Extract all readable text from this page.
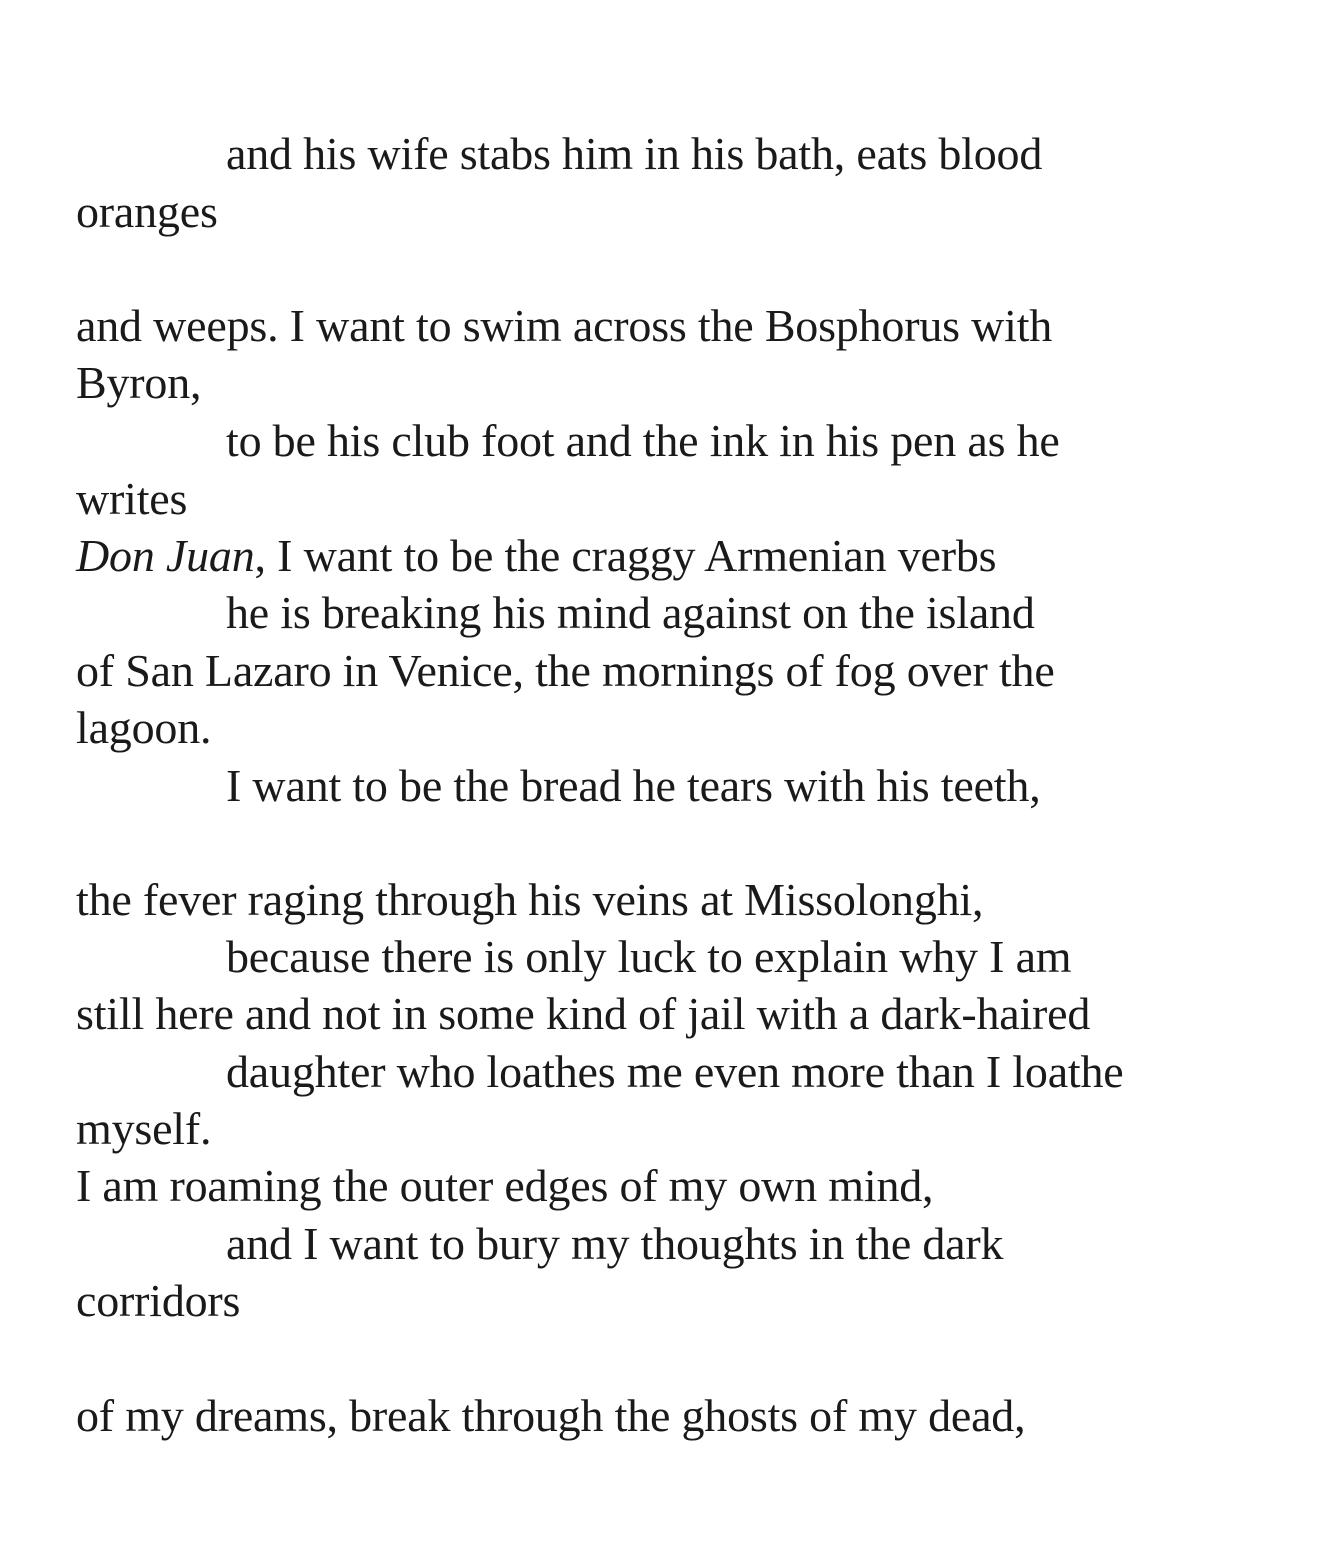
and his wife stabs him in his bath, eats blood
oranges
and weeps. I want to swim across the Bosphorus with
Byron,
to be his club foot and the ink in his pen as he
writes
Don Juan, I want to be the craggy Armenian verbs
he is breaking his mind against on the island
of San Lazaro in Venice, the mornings of fog over the
lagoon.
I want to be the bread he tears with his teeth,
the fever raging through his veins at Missolonghi,
because there is only luck to explain why I am
still here and not in some kind of jail with a dark-haired
daughter who loathes me even more than I loathe
myself.
I am roaming the outer edges of my own mind,
and I want to bury my thoughts in the dark
corridors
of my dreams, break through the ghosts of my dead,
